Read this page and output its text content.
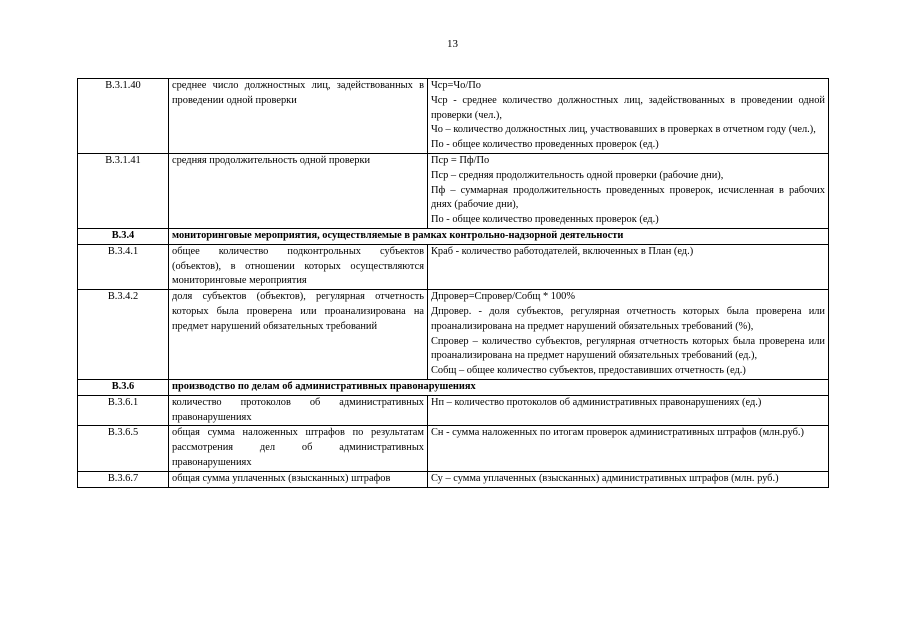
13
В.3.1.40	среднее число должностных лиц, задействованных в проведении одной проверки	Чср=Чо/По
Чср - среднее количество должностных лиц, задействованных в проведении одной проверки (чел.),
Чо – количество должностных лиц, участвовавших в проверках в отчетном году (чел.),
По - общее количество проведенных проверок (ед.)

В.3.1.41	средняя продолжительность одной проверки	Пср = Пф/По
Пср – средняя продолжительность одной проверки (рабочие дни),
Пф – суммарная продолжительность проведенных проверок, исчисленная в рабочих днях (рабочие дни),
По - общее количество проведенных проверок (ед.)

В.3.4	мониторинговые мероприятия, осуществляемые в рамках контрольно-надзорной деятельности	
В.3.4.1	общее количество подконтрольных субъектов (объектов), в отношении которых осуществляются мониторинговые мероприятия	Краб - количество работодателей, включенных в План (ед.)

В.3.4.2	доля субъектов (объектов), регулярная отчетность которых была проверена или проанализирована на предмет нарушений обязательных требований	Дпровер=Спровер/Собщ * 100%
Дпровер. - доля субъектов, регулярная отчетность которых была проверена или проанализирована на предмет нарушений обязательных требований (%),
Спровер – количество субъектов, регулярная отчетность которых была проверена или проанализирована на предмет нарушений обязательных требований (ед.),
Собщ – общее количество субъектов, предоставивших отчетность (ед.)

В.3.6	производство по делам об административных правонарушениях	
В.3.6.1	количество протоколов об административных правонарушениях	Нп – количество протоколов об административных правонарушениях (ед.)

В.3.6.5	общая сумма наложенных штрафов по результатам рассмотрения дел об административных правонарушениях	Сн - сумма наложенных по итогам проверок административных штрафов (млн.руб.)

В.3.6.7	общая сумма уплаченных (взысканных) штрафов	Су – сумма уплаченных (взысканных) административных штрафов (млн. руб.)
